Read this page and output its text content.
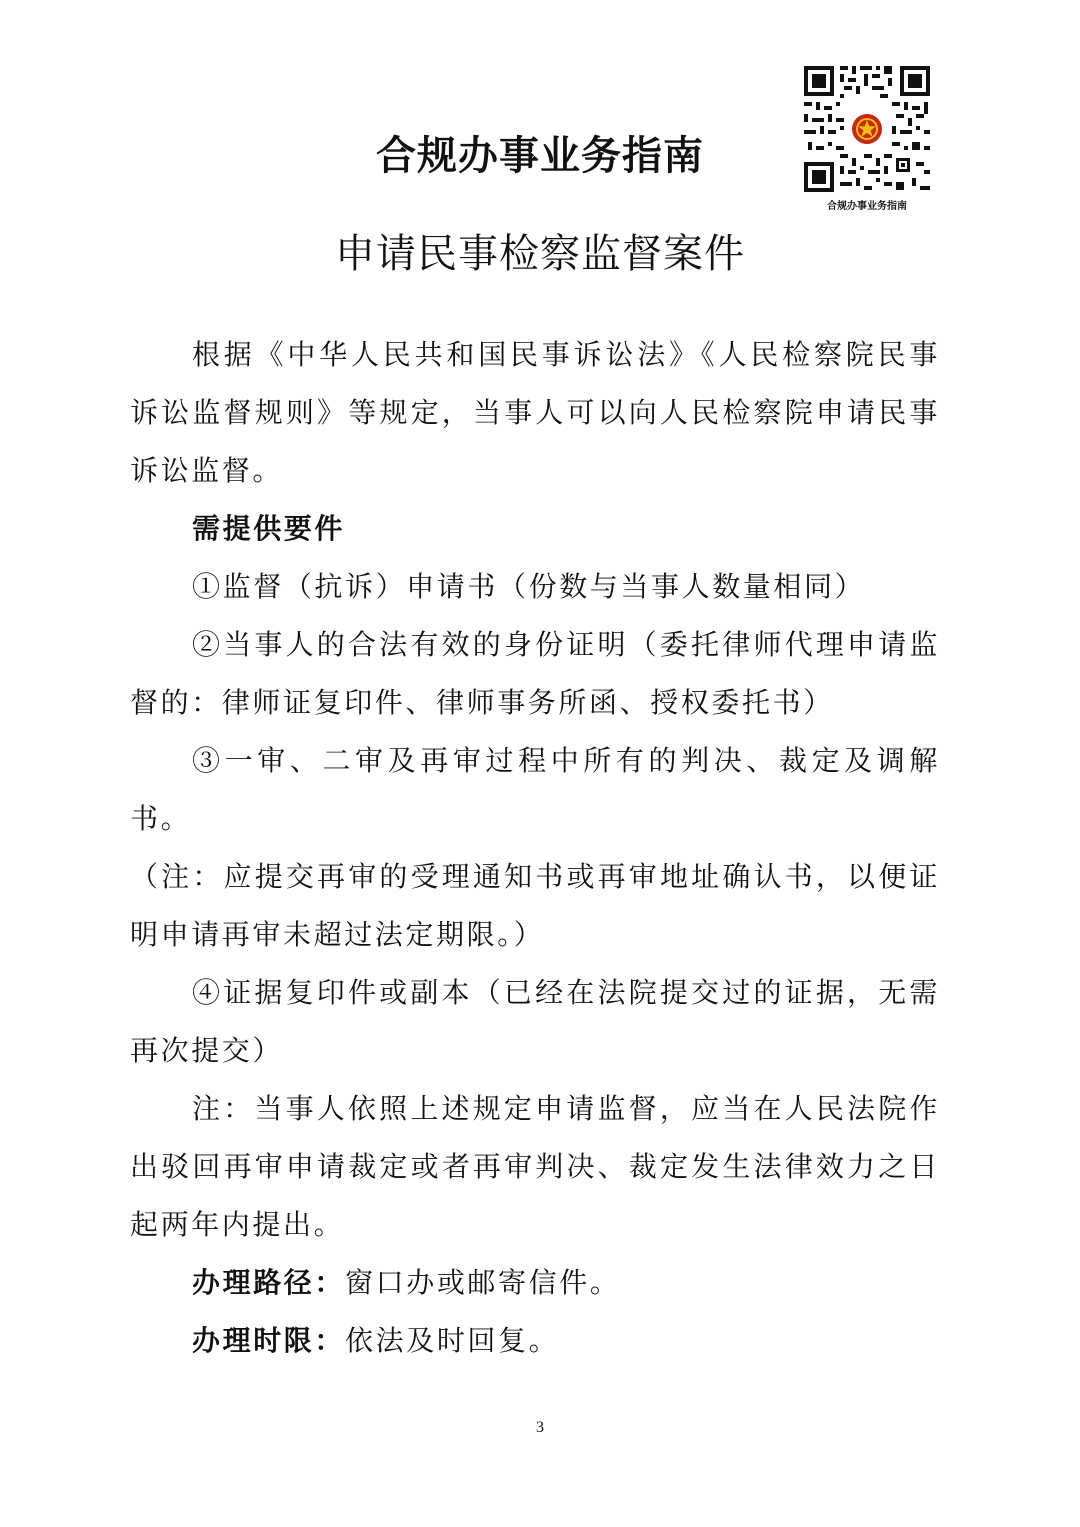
合规办事业务指南
合规办事业务指南
申请民事检察监督案件

根据《中华人民共和国民事诉讼法》《人民检察院民事诉讼监督规则》等规定，当事人可以向人民检察院申请民事诉讼监督。

需提供要件

①监督（抗诉）申请书（份数与当事人数量相同）

②当事人的合法有效的身份证明（委托律师代理申请监督的：律师证复印件、律师事务所函、授权委托书）

③一审、二审及再审过程中所有的判决、裁定及调解书。

（注：应提交再审的受理通知书或再审地址确认书，以便证明申请再审未超过法定期限。）

④证据复印件或副本（已经在法院提交过的证据，无需再次提交）

注：当事人依照上述规定申请监督，应当在人民法院作出驳回再审申请裁定或者再审判决、裁定发生法律效力之日起两年内提出。

办理路径：窗口办或邮寄信件。

办理时限：依法及时回复。

3
